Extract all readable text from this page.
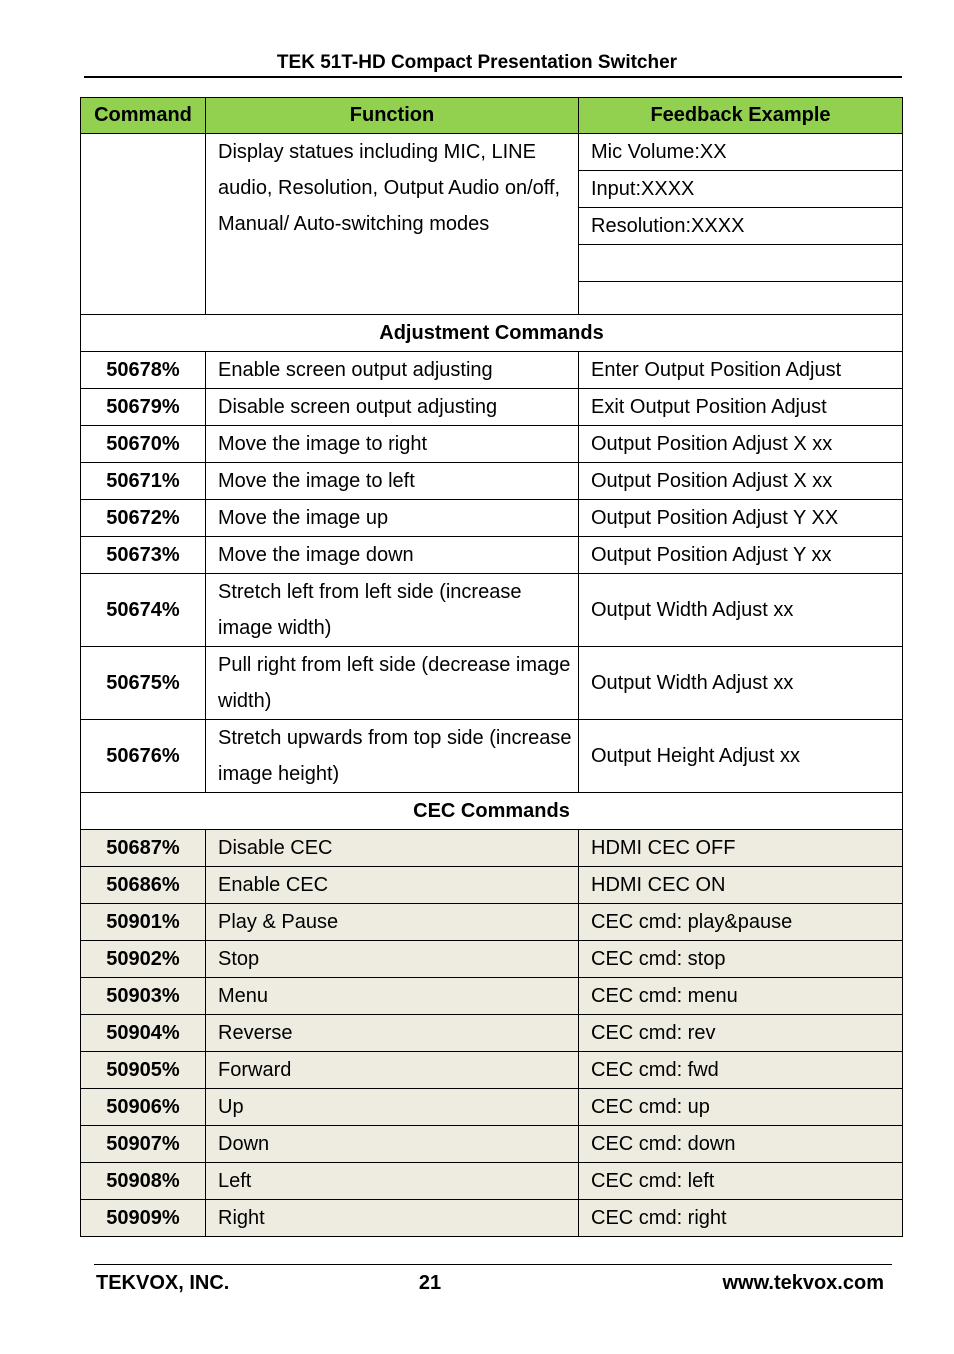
TEK 51T-HD Compact Presentation Switcher
Command	Function	Feedback Example

	Display statues including MIC, LINE audio, Resolution, Output Audio on/off, Manual/ Auto-switching modes	Mic Volume:XX
Input:XXXX
Resolution:XXXX

Adjustment Commands		
50678%	Enable screen output adjusting	Enter Output Position Adjust
50679%	Disable screen output adjusting	Exit Output Position Adjust
50670%	Move the image to right	Output Position Adjust X xx
50671%	Move the image to left	Output Position Adjust X xx
50672%	Move the image up	Output Position Adjust Y XX
50673%	Move the image down	Output Position Adjust Y xx
50674%	Stretch left from left side (increase image width)	Output Width Adjust xx
50675%	Pull right from left side (decrease image width)	Output Width Adjust xx
50676%	Stretch upwards from top side (increase image height)	Output Height Adjust xx
CEC Commands		
50687%	Disable CEC	HDMI CEC OFF
50686%	Enable CEC	HDMI CEC ON
50901%	Play & Pause	CEC cmd: play&pause
50902%	Stop	CEC cmd: stop
50903%	Menu	CEC cmd: menu
50904%	Reverse	CEC cmd: rev
50905%	Forward	CEC cmd: fwd
50906%	Up	CEC cmd: up
50907%	Down	CEC cmd: down
50908%	Left	CEC cmd: left
50909%	Right	CEC cmd: right
TEKVOX, INC.	21	www.tekvox.com
